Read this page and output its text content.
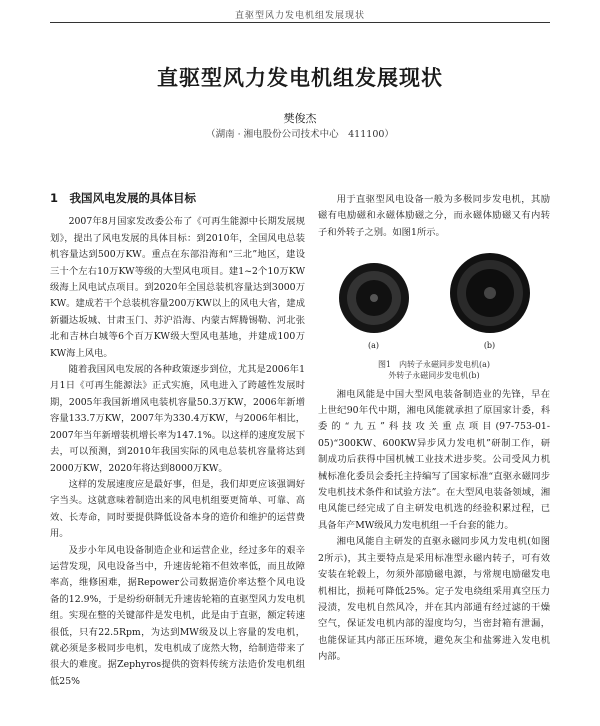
直驱型风力发电机组发展现状
直驱型风力发电机组发展现状
樊俊杰
（湖南 · 湘电股份公司技术中心　411100）
1　我国风电发展的具体目标

2007年8月国家发改委公布了《可再生能源中长期发展规划》，提出了风电发展的具体目标：到2010年，全国风电总装机容量达到500万KW。重点在东部沿海和“三北”地区，建设三十个左右10万KW等级的大型风电项目。建1~2个10万KW级海上风电试点项目。到2020年全国总装机容量达到3000万KW。建成若干个总装机容量200万KW以上的风电大省，建成新疆达坂城、甘肃玉门、苏沪沿海、内蒙古辉腾锡勒、河北张北和吉林白城等6个百万KW级大型风电基地，并建成100万KW海上风电。

随着我国风电发展的各种政策逐步到位，尤其是2006年1月1日《可再生能源法》正式实施，风电进入了跨越性发展时期，2005年我国新增风电装机容量50.3万KW，2006年新增容量133.7万KW，2007年为330.4万KW，与2006年相比，2007年当年新增装机增长率为147.1%。以这样的速度发展下去，可以预测，到2010年我国实际的风电总装机容量将达到2000万KW，2020年将达到8000万KW。

这样的发展速度应是最好事，但是，我们却更应该强调好字当头。这就意味着制造出来的风电机组要更简单、可靠、高效、长寿命，同时要提供降低设备本身的造价和维护的运营费用。

及步小年风电设备制造企业和运营企业，经过多年的艰辛运营发现，风电设备当中，升速齿轮箱不但效率低，而且故障率高，维修困难，据Repower公司数据造价率达整个风电设备的12.9%，于是纷纷研制无升速齿轮箱的直驱型风力发电机组。实现在整的关键部件是发电机，此是由于直驱，额定转速很低，只有22.5Rpm，为达到MW级及以上容量的发电机，就必须是多极同步电机，发电机成了庞然大物，给制造带来了很大的难度。据Zephyros提供的资料传统方法造价发电机组低25%

用于直驱型风电设备一般为多极同步发电机，其励磁有电励磁和永磁体励磁之分，而永磁体励磁又有内转子和外转子之别。如图1所示。

(a)	(b)
图1　内转子永磁同步发电机(a)
外转子永磁同步发电机(b)

湘电风能是中国大型风电装备制造业的先锋，早在上世纪90年代中期，湘电风能就承担了原国家计委，科委的“九五”科技攻关重点项目(97-753-01-05)“300KW、600KW异步风力发电机”研制工作，研制成功后获得中国机械工业技术进步奖。公司受风力机械标准化委员会委托主持编写了国家标准“直驱永磁同步发电机技术条件和试验方法”。在大型风电装备领域，湘电风能已经完成了自主研发电机选的经验积累过程，已具备年产MW级风力发电机组一千台套的能力。

湘电风能自主研发的直驱永磁同步风力发电机(如图2所示)，其主要特点是采用标准型永磁内转子，可有效安装在轮毂上，勿须外部励磁电源，与常规电励磁发电机相比，损耗可降低25%。定子发电绕组采用真空压力浸渍，发电机自然风冷，并在其内部通有经过滤的干燥空气，保证发电机内部的湿度均匀，当密封箱有泄漏，也能保证其内部正压环境，避免灰尘和盐雾进入发电机内部。
